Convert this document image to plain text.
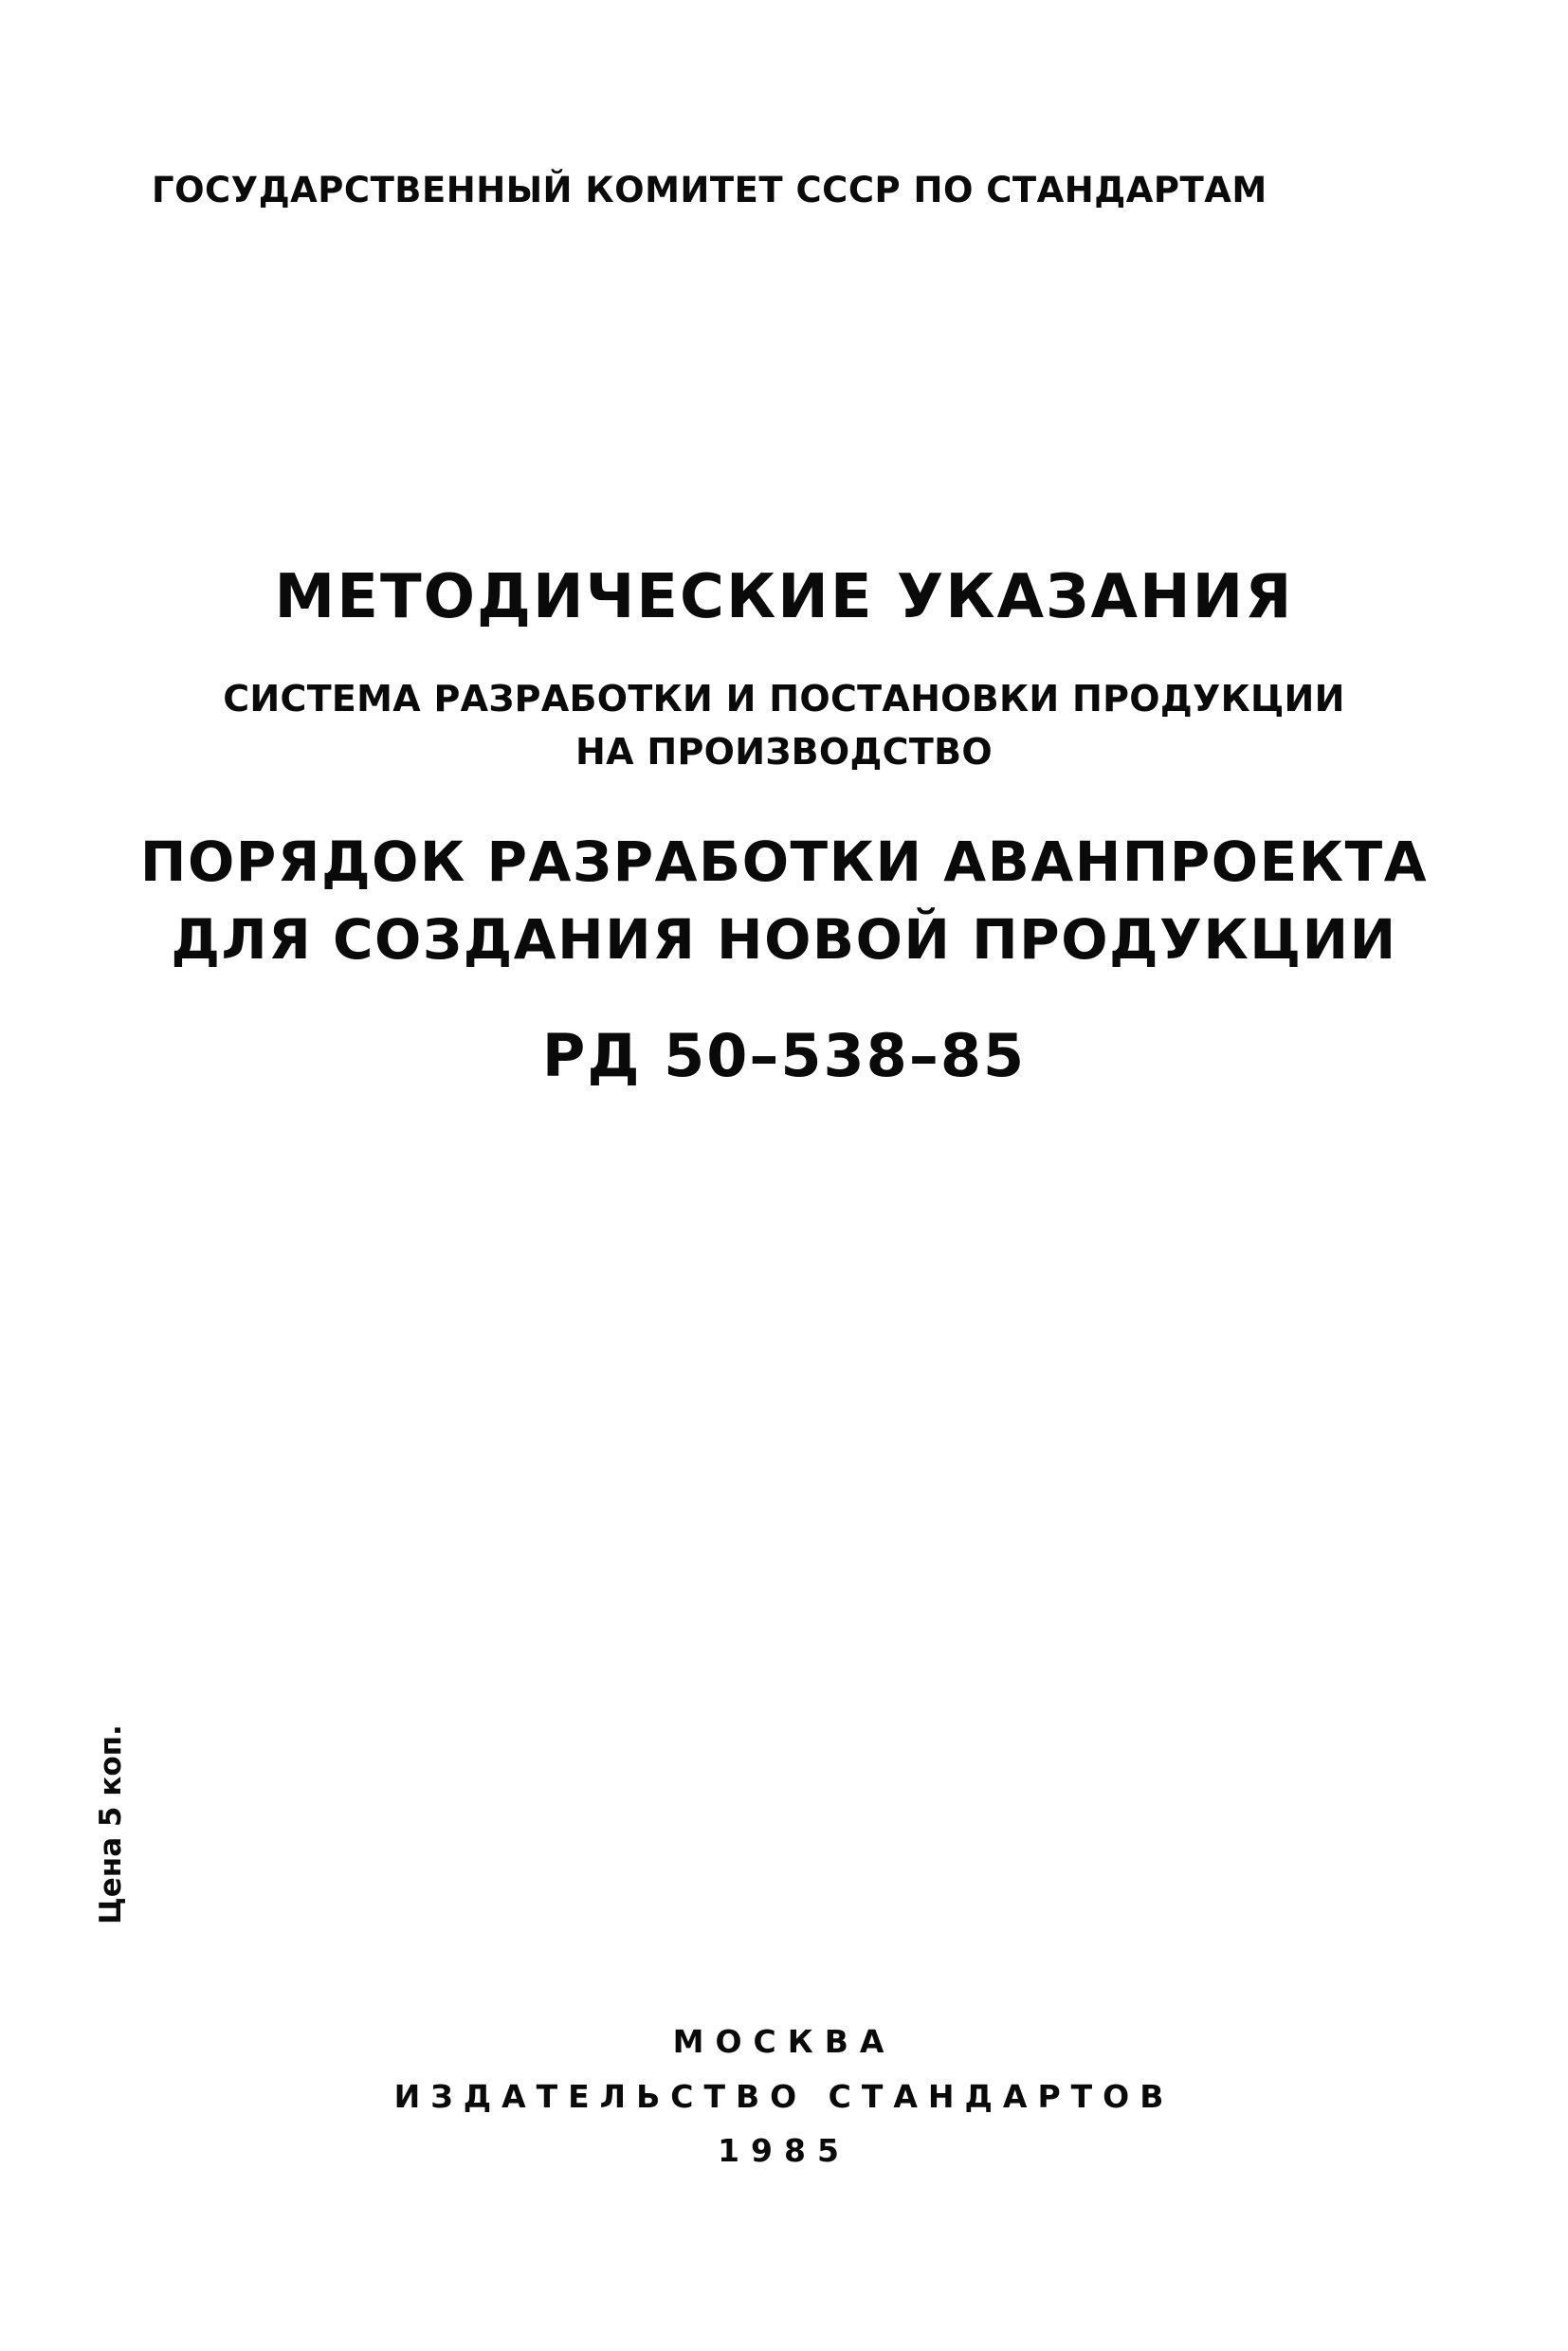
ГОСУДАРСТВЕННЫЙ КОМИТЕТ СССР ПО СТАНДАРТАМ
МЕТОДИЧЕСКИЕ УКАЗАНИЯ
СИСТЕМА РАЗРАБОТКИ И ПОСТАНОВКИ ПРОДУКЦИИ
НА ПРОИЗВОДСТВО
ПОРЯДОК РАЗРАБОТКИ АВАНПРОЕКТА
ДЛЯ СОЗДАНИЯ НОВОЙ ПРОДУКЦИИ
РД 50–538–85
Цена 5 коп.
МОСКВА
ИЗДАТЕЛЬСТВО СТАНДАРТОВ
1985
